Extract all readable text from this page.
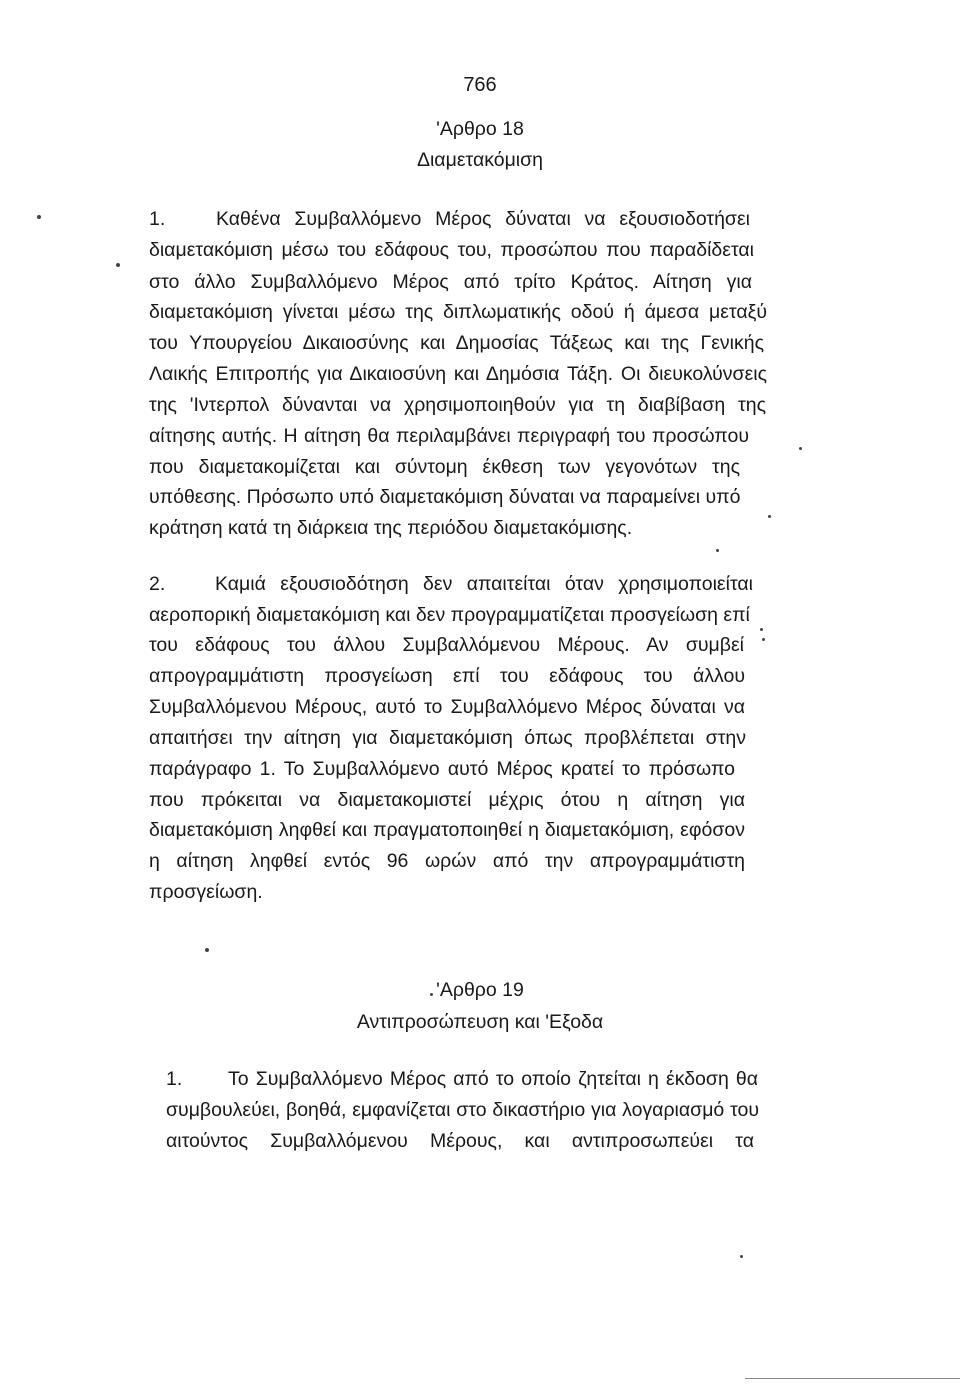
766
'Αρθρο 18
Διαμετακόμιση
1.	Καθένα Συμβαλλόμενο Μέρος δύναται να εξουσιοδοτήσει
διαμετακόμιση μέσω του εδάφους του, προσώπου που παραδίδεται
στο άλλο Συμβαλλόμενο Μέρος από τρίτο Κράτος. Αίτηση για
διαμετακόμιση γίνεται μέσω της διπλωματικής οδού ή άμεσα μεταξύ
του Υπουργείου Δικαιοσύνης και Δημοσίας Τάξεως και της Γενικής
Λαικής Επιτροπής για Δικαιοσύνη και Δημόσια Τάξη. Οι διευκολύνσεις
της 'Ιντερπολ δύνανται να χρησιμοποιηθούν για τη διαβίβαση της
αίτησης αυτής. Η αίτηση θα περιλαμβάνει περιγραφή του προσώπου
που διαμετακομίζεται και σύντομη έκθεση των γεγονότων της
υπόθεσης. Πρόσωπο υπό διαμετακόμιση δύναται να παραμείνει υπό
κράτηση κατά τη διάρκεια της περιόδου διαμετακόμισης.
2.	Καμιά εξουσιοδότηση δεν απαιτείται όταν χρησιμοποιείται
αεροπορική διαμετακόμιση και δεν προγραμματίζεται προσγείωση επί
του εδάφους του άλλου Συμβαλλόμενου Μέρους. Αν συμβεί
απρογραμμάτιστη προσγείωση επί του εδάφους του άλλου
Συμβαλλόμενου Μέρους, αυτό το Συμβαλλόμενο Μέρος δύναται να
απαιτήσει την αίτηση για διαμετακόμιση όπως προβλέπεται στην
παράγραφο 1. Το Συμβαλλόμενο αυτό Μέρος κρατεί το πρόσωπο
που πρόκειται να διαμετακομιστεί μέχρις ότου η αίτηση για
διαμετακόμιση ληφθεί και πραγματοποιηθεί η διαμετακόμιση, εφόσον
η αίτηση ληφθεί εντός 96 ωρών από την απρογραμμάτιστη
προσγείωση.
'Αρθρο 19
Αντιπροσώπευση και 'Εξοδα
1. Το Συμβαλλόμενο Μέρος από το οποίο ζητείται η έκδοση θα
συμβουλεύει, βοηθά, εμφανίζεται στο δικαστήριο για λογαριασμό του
αιτούντος Συμβαλλόμενου Μέρους, και αντιπροσωπεύει τα
